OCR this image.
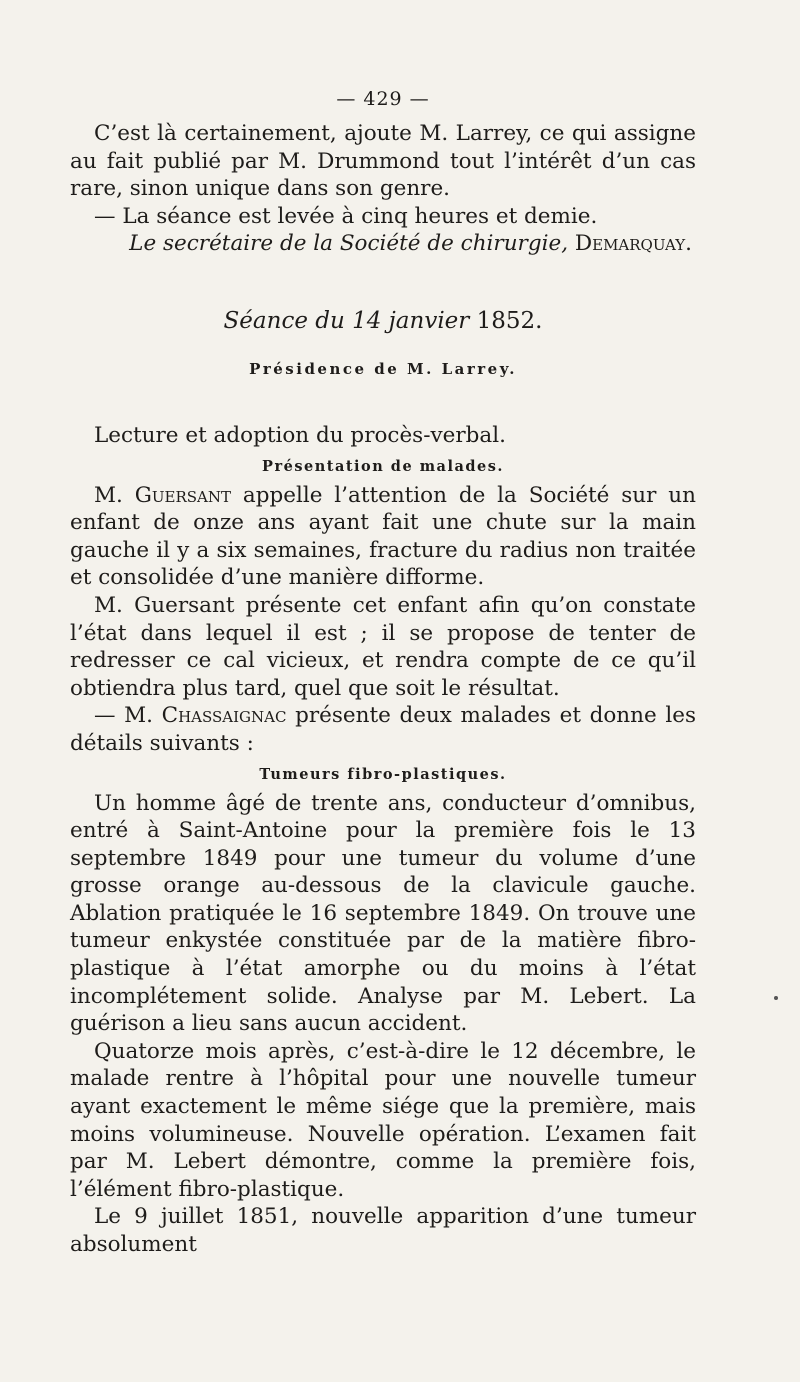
— 429 —

C’est là certainement, ajoute M. Larrey, ce qui assigne au fait publié par M. Drummond tout l’intérêt d’un cas rare, sinon unique dans son genre.

— La séance est levée à cinq heures et demie.

Le secrétaire de la Société de chirurgie, Demarquay.

Séance du 14 janvier 1852.
Présidence de M. Larrey.

Lecture et adoption du procès-verbal.

Présentation de malades.

M. Guersant appelle l’attention de la Société sur un enfant de onze ans ayant fait une chute sur la main gauche il y a six semaines, fracture du radius non traitée et consolidée d’une manière difforme.

M. Guersant présente cet enfant afin qu’on constate l’état dans lequel il est ; il se propose de tenter de redresser ce cal vicieux, et rendra compte de ce qu’il obtiendra plus tard, quel que soit le résultat.

— M. Chassaignac présente deux malades et donne les détails suivants :

Tumeurs fibro-plastiques.

Un homme âgé de trente ans, conducteur d’omnibus, entré à Saint-Antoine pour la première fois le 13 septembre 1849 pour une tumeur du volume d’une grosse orange au-dessous de la clavicule gauche. Ablation pratiquée le 16 septembre 1849. On trouve une tumeur enkystée constituée par de la matière fibro-plastique à l’état amorphe ou du moins à l’état incomplétement solide. Analyse par M. Lebert. La guérison a lieu sans aucun accident.

Quatorze mois après, c’est-à-dire le 12 décembre, le malade rentre à l’hôpital pour une nouvelle tumeur ayant exactement le même siége que la première, mais moins volumineuse. Nouvelle opération. L’examen fait par M. Lebert démontre, comme la première fois, l’élément fibro-plastique.

Le 9 juillet 1851, nouvelle apparition d’une tumeur absolument
